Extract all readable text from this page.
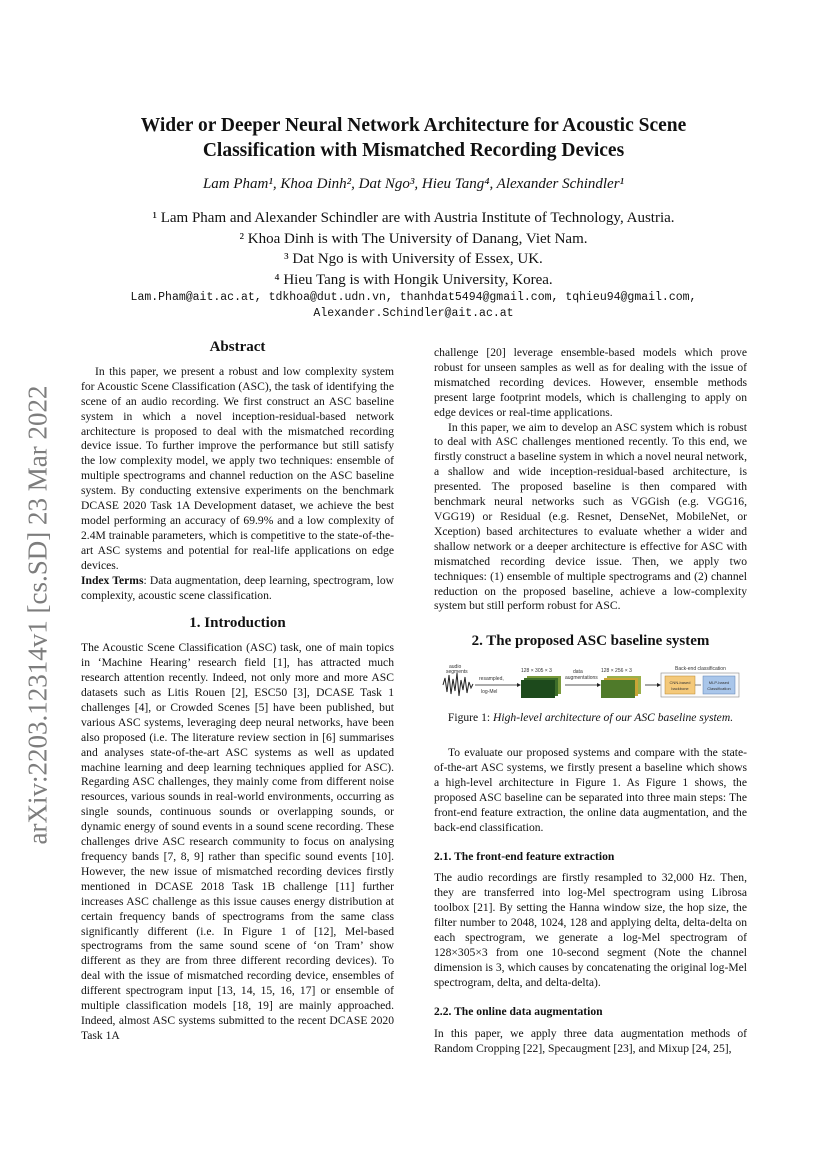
arXiv:2203.12314v1 [cs.SD] 23 Mar 2022
Wider or Deeper Neural Network Architecture for Acoustic Scene
Classification with Mismatched Recording Devices
Lam Pham¹, Khoa Dinh², Dat Ngo³, Hieu Tang⁴, Alexander Schindler¹
¹ Lam Pham and Alexander Schindler are with Austria Institute of Technology, Austria.
² Khoa Dinh is with The University of Danang, Viet Nam.
³ Dat Ngo is with University of Essex, UK.
⁴ Hieu Tang is with Hongik University, Korea.
Lam.Pham@ait.ac.at, tdkhoa@dut.udn.vn, thanhdat5494@gmail.com, tqhieu94@gmail.com,
Alexander.Schindler@ait.ac.at
Abstract

In this paper, we present a robust and low complexity system for Acoustic Scene Classification (ASC), the task of identifying the scene of an audio recording. We first construct an ASC baseline system in which a novel inception-residual-based network architecture is proposed to deal with the mismatched recording device issue. To further improve the performance but still satisfy the low complexity model, we apply two techniques: ensemble of multiple spectrograms and channel reduction on the ASC baseline system. By conducting extensive experiments on the benchmark DCASE 2020 Task 1A Development dataset, we achieve the best model performing an accuracy of 69.9% and a low complexity of 2.4M trainable parameters, which is competitive to the state-of-the-art ASC systems and potential for real-life applications on edge devices.

Index Terms: Data augmentation, deep learning, spectrogram, low complexity, acoustic scene classification.

1. Introduction

The Acoustic Scene Classification (ASC) task, one of main topics in ‘Machine Hearing’ research field [1], has attracted much research attention recently. Indeed, not only more and more ASC datasets such as Litis Rouen [2], ESC50 [3], DCASE Task 1 challenges [4], or Crowded Scenes [5] have been published, but various ASC systems, leveraging deep neural networks, have been also proposed (i.e. The literature review section in [6] summarises and analyses state-of-the-art ASC systems as well as updated machine learning and deep learning techniques applied for ASC). Regarding ASC challenges, they mainly come from different noise resources, various sounds in real-world environments, occurring as single sounds, continuous sounds or overlapping sounds, or dynamic energy of sound events in a sound scene recording. These challenges drive ASC research community to focus on analysing frequency bands [7, 8, 9] rather than specific sound events [10]. However, the new issue of mismatched recording devices firstly mentioned in DCASE 2018 Task 1B challenge [11] further increases ASC challenge as this issue causes energy distribution at certain frequency bands of spectrograms from the same class significantly different (i.e. In Figure 1 of [12], Mel-based spectrograms from the same sound scene of ‘on Tram’ show different as they are from three different recording devices). To deal with the issue of mismatched recording device, ensembles of different spectrogram input [13, 14, 15, 16, 17] or ensemble of multiple classification models [18, 19] are mainly approached. Indeed, almost ASC systems submitted to the recent DCASE 2020 Task 1A

challenge [20] leverage ensemble-based models which prove robust for unseen samples as well as for dealing with the issue of mismatched recording devices. However, ensemble methods present large footprint models, which is challenging to apply on edge devices or real-time applications.

In this paper, we aim to develop an ASC system which is robust to deal with ASC challenges mentioned recently. To this end, we firstly construct a baseline system in which a novel neural network, a shallow and wide inception-residual-based architecture, is presented. The proposed baseline is then compared with benchmark neural networks such as VGGish (e.g. VGG16, VGG19) or Residual (e.g. Resnet, DenseNet, MobileNet, or Xception) based architectures to evaluate whether a wider and shallow network or a deeper architecture is effective for ASC with mismatched recording device issue. Then, we apply two techniques: (1) ensemble of multiple spectrograms and (2) channel reduction on the proposed baseline, achieve a low-complexity system but still perform robust for ASC.

2. The proposed ASC baseline system
audio
segments
resampled,
log-Mel
128 × 305 × 3	data
augmentations
128 × 256 × 3	Back-end classification
CNN-based
backbone
MLP-based
Classification
Figure 1: High-level architecture of our ASC baseline system.

To evaluate our proposed systems and compare with the state-of-the-art ASC systems, we firstly present a baseline which shows a high-level architecture in Figure 1. As Figure 1 shows, the proposed ASC baseline can be separated into three main steps: The front-end feature extraction, the online data augmentation, and the back-end classification.

2.1. The front-end feature extraction

The audio recordings are firstly resampled to 32,000 Hz. Then, they are transferred into log-Mel spectrogram using Librosa toolbox [21]. By setting the Hanna window size, the hop size, the filter number to 2048, 1024, 128 and applying delta, delta-delta on each spectrogram, we generate a log-Mel spectrogram of 128×305×3 from one 10-second segment (Note the channel dimension is 3, which causes by concatenating the original log-Mel spectrogram, delta, and delta-delta).

2.2. The online data augmentation

In this paper, we apply three data augmentation methods of Random Cropping [22], Specaugment [23], and Mixup [24, 25],
